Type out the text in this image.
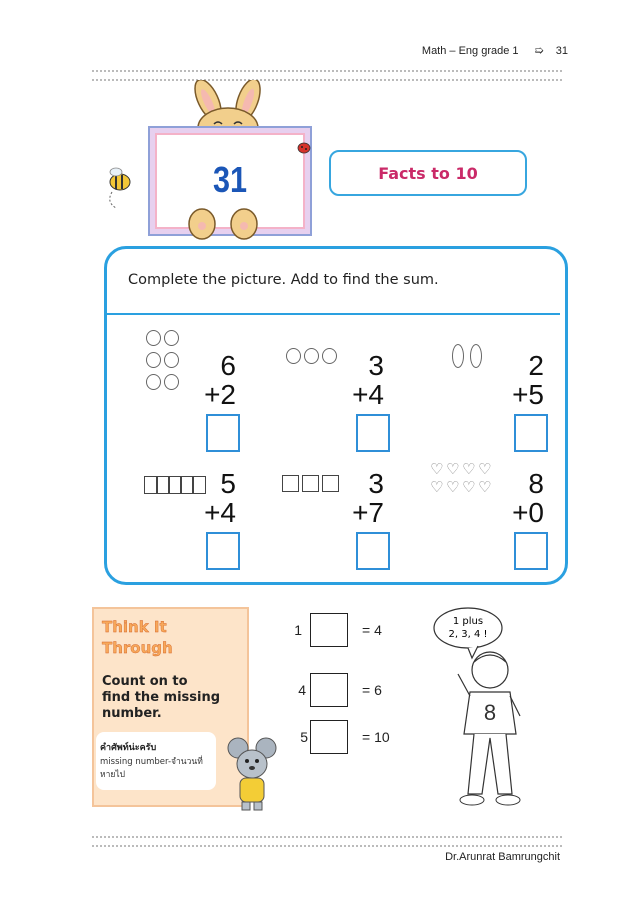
Math – Eng grade 1 ➯ 31
31	Facts to 10
Complete the picture. Add to find the sum.
6
+2
3
+4
2
+5
5
+4
3
+7
♡ ♡ ♡ ♡
♡ ♡ ♡ ♡	8
+0
Think It
Through
Count on to
find the missing
number.
คำศัพท์น่ะครับ
missing number-จำนวนที่หายไป
1	= 4
4	= 6
5	= 10
1 plus
2, 3, 4 !
8
Dr.Arunrat Bamrungchit
